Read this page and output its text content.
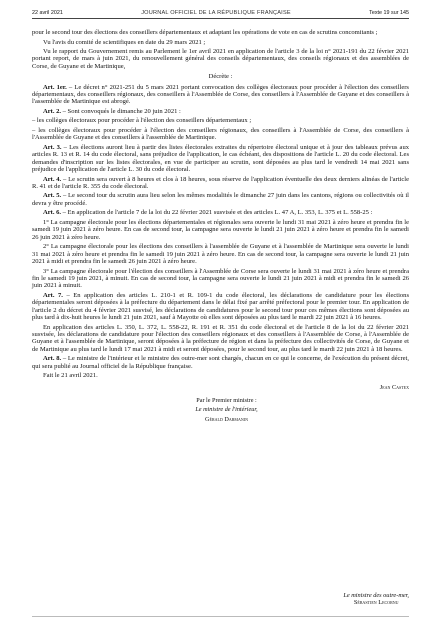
22 avril 2021	JOURNAL OFFICIEL DE LA RÉPUBLIQUE FRANÇAISE	Texte 19 sur 145

pour le second tour des élections des conseillers départementaux et adaptant les opérations de vote en cas de scrutins concomitants ;

Vu l'avis du comité de scientifiques en date du 29 mars 2021 ;

Vu le rapport du Gouvernement remis au Parlement le 1er avril 2021 en application de l'article 3 de la loi n° 2021-191 du 22 février 2021 portant report, de mars à juin 2021, du renouvellement général des conseils départementaux, des conseils régionaux et des assemblées de Corse, de Guyane et de Martinique,

Décrète :

Art. 1er. – Le décret n° 2021-251 du 5 mars 2021 portant convocation des collèges électoraux pour procéder à l'élection des conseillers départementaux, des conseillers régionaux, des conseillers à l'Assemblée de Corse, des conseillers à l'Assemblée de Guyane et des conseillers à l'assemblée de Martinique est abrogé.

Art. 2. – Sont convoqués le dimanche 20 juin 2021 :

– les collèges électoraux pour procéder à l'élection des conseillers départementaux ;

– les collèges électoraux pour procéder à l'élection des conseillers régionaux, des conseillers à l'Assemblée de Corse, des conseillers à l'Assemblée de Guyane et des conseillers à l'assemblée de Martinique.

Art. 3. – Les élections auront lieu à partir des listes électorales extraites du répertoire électoral unique et à jour des tableaux prévus aux articles R. 13 et R. 14 du code électoral, sans préjudice de l'application, le cas échéant, des dispositions de l'article L. 20 du code électoral. Les demandes d'inscription sur les listes électorales, en vue de participer au scrutin, sont déposées au plus tard le vendredi 14 mai 2021 sans préjudice de l'application de l'article L. 30 du code électoral.

Art. 4. – Le scrutin sera ouvert à 8 heures et clos à 18 heures, sous réserve de l'application éventuelle des deux derniers alinéas de l'article R. 41 et de l'article R. 355 du code électoral.

Art. 5. – Le second tour du scrutin aura lieu selon les mêmes modalités le dimanche 27 juin dans les cantons, régions ou collectivités où il devra y être procédé.

Art. 6. – En application de l'article 7 de la loi du 22 février 2021 susvisée et des articles L. 47 A, L. 353, L. 375 et L. 558-25 :

1° La campagne électorale pour les élections départementales et régionales sera ouverte le lundi 31 mai 2021 à zéro heure et prendra fin le samedi 19 juin 2021 à zéro heure. En cas de second tour, la campagne sera ouverte le lundi 21 juin 2021 à zéro heure et prendra fin le samedi 26 juin 2021 à zéro heure.

2° La campagne électorale pour les élections des conseillers à l'assemblée de Guyane et à l'assemblée de Martinique sera ouverte le lundi 31 mai 2021 à zéro heure et prendra fin le samedi 19 juin 2021 à zéro heure. En cas de second tour, la campagne sera ouverte le lundi 21 juin 2021 à midi et prendra fin le samedi 26 juin 2021 à zéro heure.

3° La campagne électorale pour l'élection des conseillers à l'Assemblée de Corse sera ouverte le lundi 31 mai 2021 à zéro heure et prendra fin le samedi 19 juin 2021, à minuit. En cas de second tour, la campagne sera ouverte le lundi 21 juin 2021 à midi et prendra fin le samedi 26 juin 2021 à minuit.

Art. 7. – En application des articles L. 210-1 et R. 109-1 du code électoral, les déclarations de candidature pour les élections départementales seront déposées à la préfecture du département dans le délai fixé par arrêté préfectoral pour le premier tour. En application de l'article 2 du décret du 4 février 2021 susvisé, les déclarations de candidatures pour le second tour pour ces mêmes élections sont déposées au plus tard à dix-huit heures le lundi 21 juin 2021, sauf à Mayotte où elles sont déposées au plus tard le mardi 22 juin 2021 à 16 heures.

En application des articles L. 350, L. 372, L. 558-22, R. 191 et R. 351 du code électoral et de l'article 8 de la loi du 22 février 2021 susvisée, les déclarations de candidature pour l'élection des conseillers régionaux et des conseillers à l'Assemblée de Corse, à l'Assemblée de Guyane et à l'assemblée de Martinique, seront déposées à la préfecture de région et dans la préfecture des collectivités de Corse, de Guyane et de Martinique au plus tard le lundi 17 mai 2021 à midi et seront déposées, pour le second tour, au plus tard le mardi 22 juin 2021 à 18 heures.

Art. 8. – Le ministre de l'intérieur et le ministre des outre-mer sont chargés, chacun en ce qui le concerne, de l'exécution du présent décret, qui sera publié au Journal officiel de la République française.

Fait le 21 avril 2021.

Jean Castex

Par le Premier ministre :

Le ministre de l'intérieur,

Gérald Darmanin

Le ministre des outre-mer,
Sébastien Lecornu
